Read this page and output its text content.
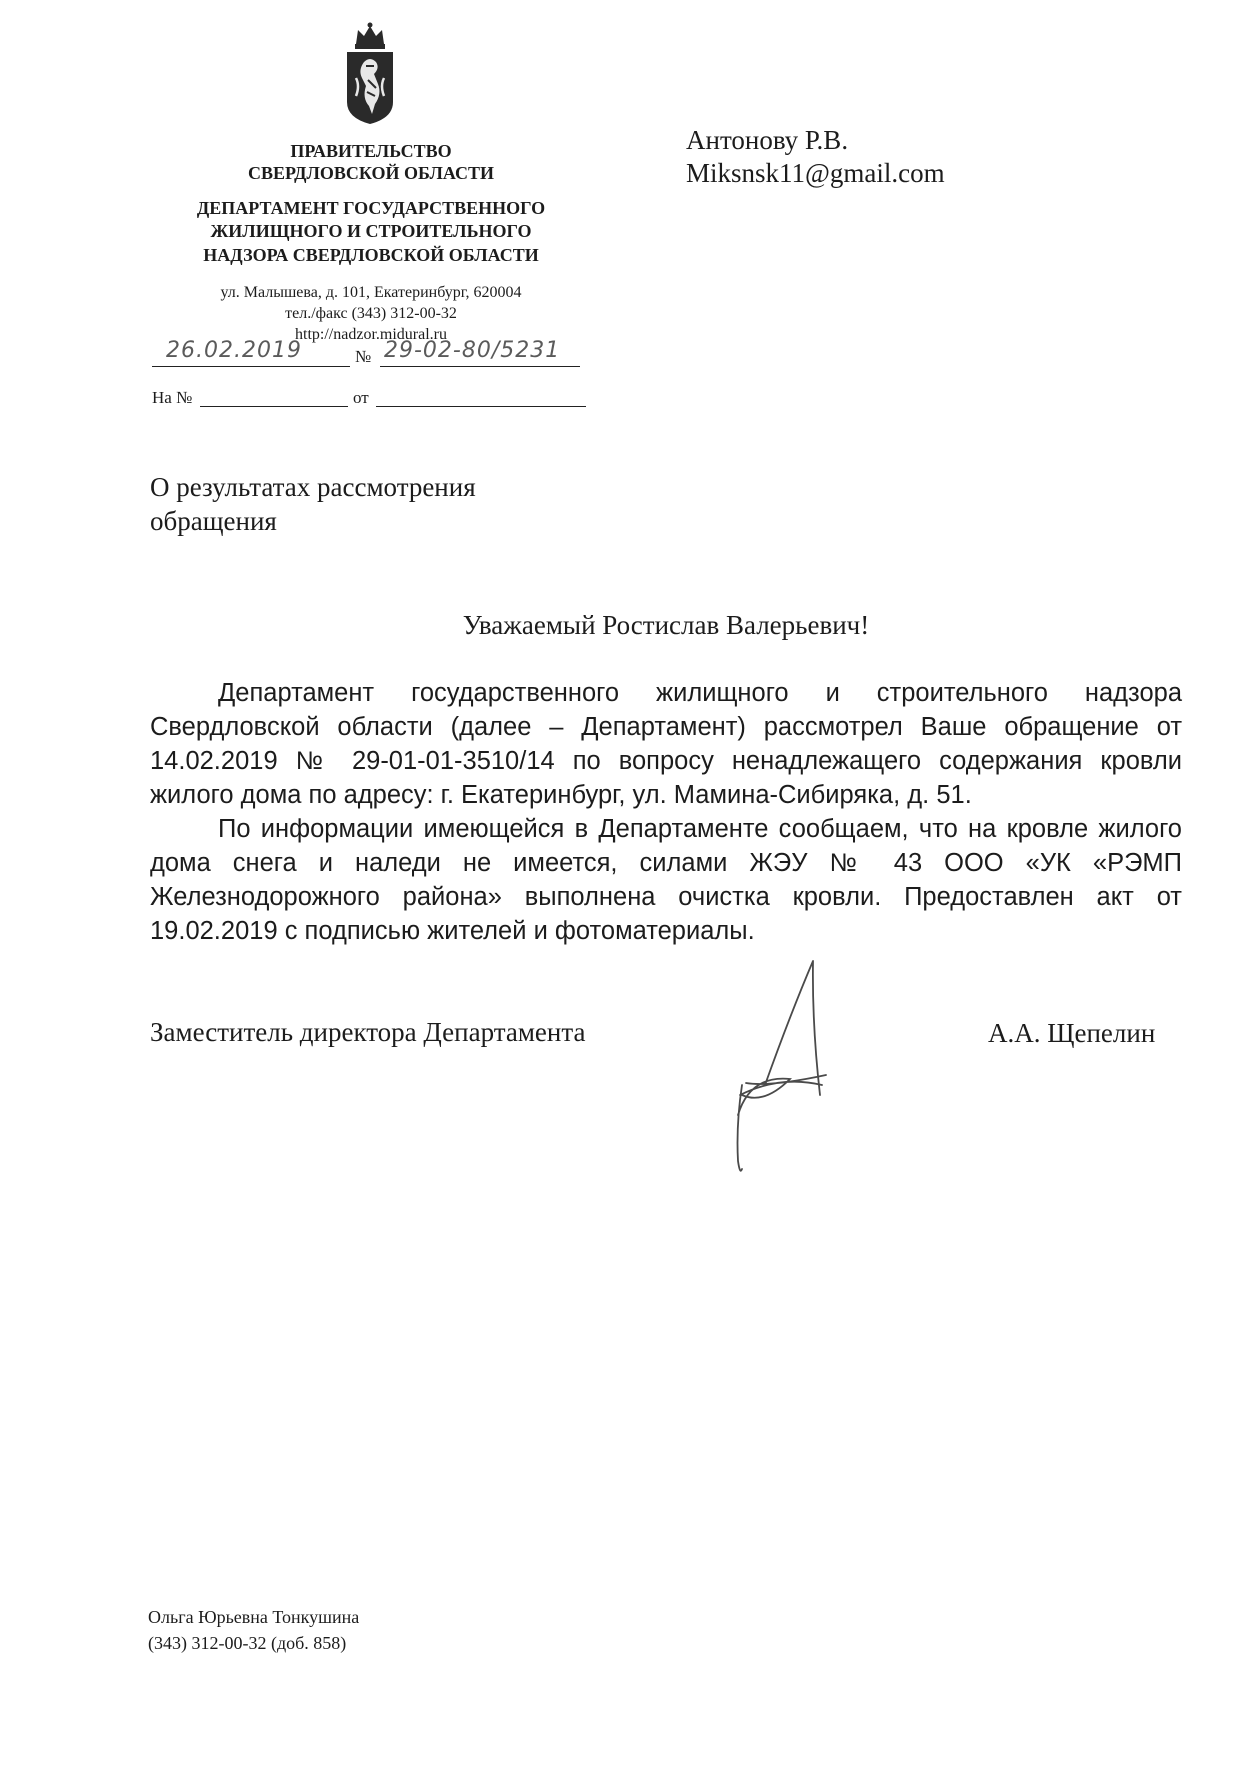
ПРАВИТЕЛЬСТВО
СВЕРДЛОВСКОЙ ОБЛАСТИ
ДЕПАРТАМЕНТ ГОСУДАРСТВЕННОГО
ЖИЛИЩНОГО И СТРОИТЕЛЬНОГО
НАДЗОРА СВЕРДЛОВСКОЙ ОБЛАСТИ
ул. Малышева, д. 101, Екатеринбург, 620004
тел./факс (343) 312-00-32
http://nadzor.midural.ru
26.02.2019	№ 29-02-80/5231
На №	от
Антонову Р.В.
Miksnsk11@gmail.com
О результатах рассмотрения
обращения
Уважаемый Ростислав Валерьевич!

Департамент государственного жилищного и строительного надзора Свердловской области (далее – Департамент) рассмотрел Ваше обращение от 14.02.2019 № 29-01-01-3510/14 по вопросу ненадлежащего содержания кровли жилого дома по адресу: г. Екатеринбург, ул. Мамина-Сибиряка, д. 51.

По информации имеющейся в Департаменте сообщаем, что на кровле жилого дома снега и наледи не имеется, силами ЖЭУ № 43 ООО «УК «РЭМП Железнодорожного района» выполнена очистка кровли. Предоставлен акт от 19.02.2019 с подписью жителей и фотоматериалы.

Заместитель директора Департамента	А.А. Щепелин
Ольга Юрьевна Тонкушина
(343) 312-00-32 (доб. 858)
